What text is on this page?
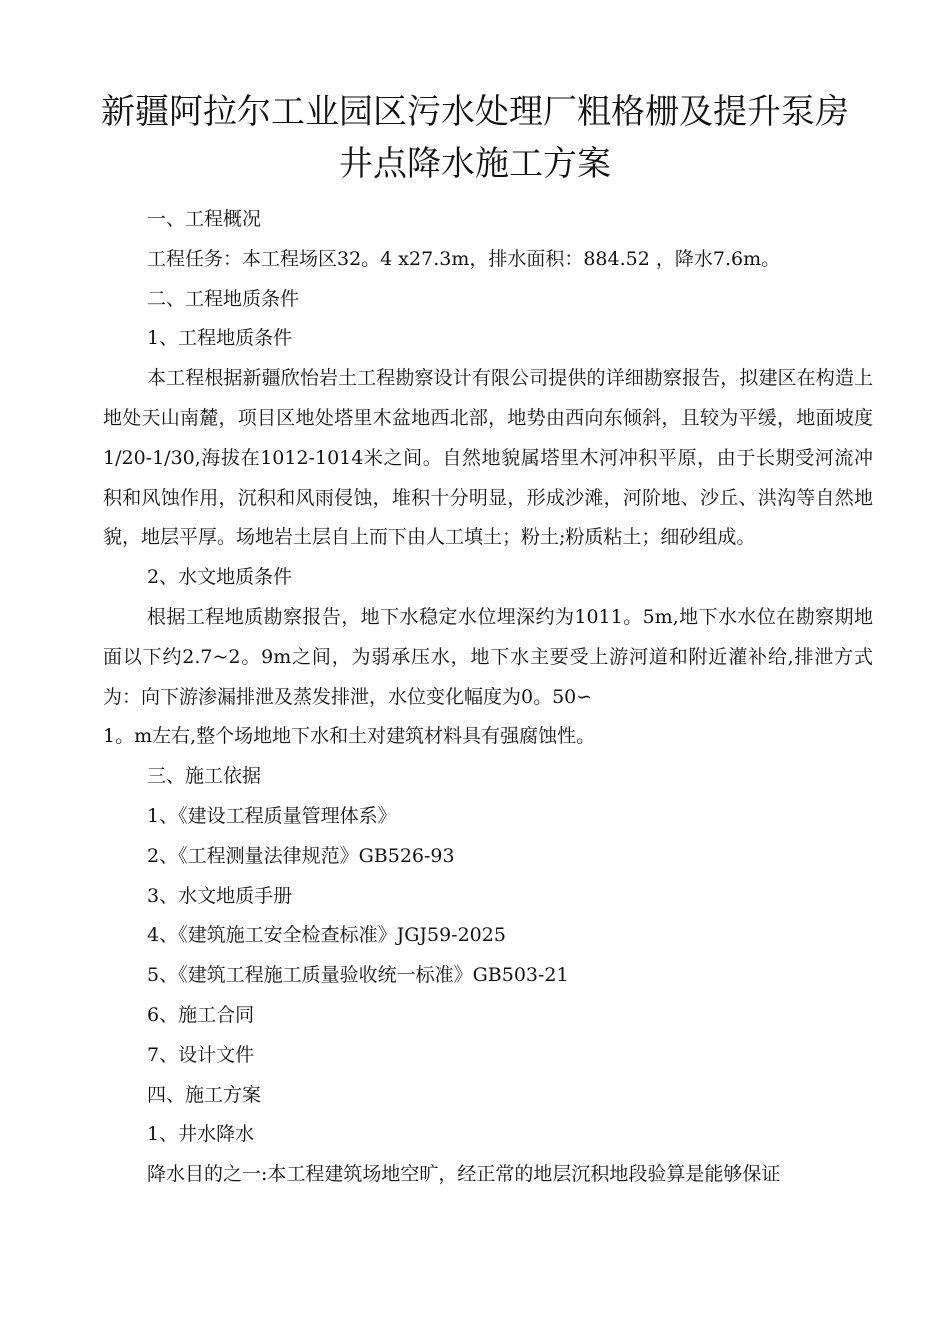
新疆阿拉尔工业园区污水处理厂粗格栅及提升泵房
井点降水施工方案

一、工程概况

工程任务：本工程场区32。4 x27.3m，排水面积：884.52 ，降水7.6m。

二、工程地质条件

1、工程地质条件

本工程根据新疆欣怡岩土工程勘察设计有限公司提供的详细勘察报告，拟建区在构造上地处天山南麓，项目区地处塔里木盆地西北部，地势由西向东倾斜，且较为平缓，地面坡度1/20-1/30,海拔在1012-1014米之间。自然地貌属塔里木河冲积平原，由于长期受河流冲积和风蚀作用，沉积和风雨侵蚀，堆积十分明显，形成沙滩，河阶地、沙丘、洪沟等自然地貌，地层平厚。场地岩土层自上而下由人工填土；粉土;粉质粘土；细砂组成。

2、水文地质条件

根据工程地质勘察报告，地下水稳定水位埋深约为1011。5m,地下水水位在勘察期地面以下约2.7~2。9m之间，为弱承压水，地下水主要受上游河道和附近灌补给,排泄方式为：向下游渗漏排泄及蒸发排泄，水位变化幅度为0。50∽

1。m左右,整个场地地下水和土对建筑材料具有强腐蚀性。

三、施工依据

1、《建设工程质量管理体系》

2、《工程测量法律规范》GB526-93

3、水文地质手册

4、《建筑施工安全检查标准》JGJ59-2025

5、《建筑工程施工质量验收统一标准》GB503-21

6、施工合同

7、设计文件

四、施工方案

1、井水降水

降水目的之一:本工程建筑场地空旷，经正常的地层沉积地段验算是能够保证
